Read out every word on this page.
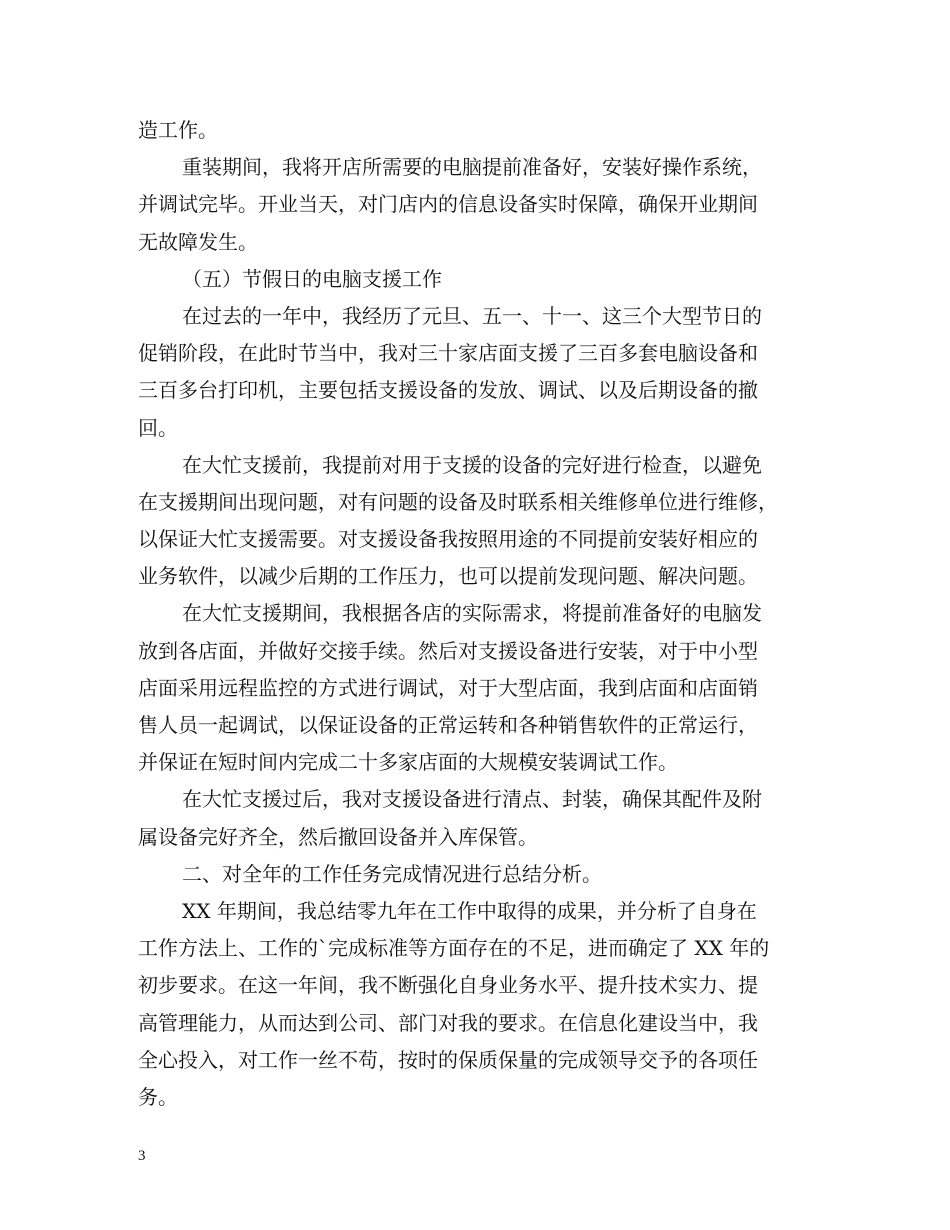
造工作。
重装期间，我将开店所需要的电脑提前准备好，安装好操作系统，
并调试完毕。开业当天，对门店内的信息设备实时保障，确保开业期间
无故障发生。
（五）节假日的电脑支援工作
在过去的一年中，我经历了元旦、五一、十一、这三个大型节日的
促销阶段，在此时节当中，我对三十家店面支援了三百多套电脑设备和
三百多台打印机，主要包括支援设备的发放、调试、以及后期设备的撤
回。
在大忙支援前，我提前对用于支援的设备的完好进行检查，以避免
在支援期间出现问题，对有问题的设备及时联系相关维修单位进行维修，
以保证大忙支援需要。对支援设备我按照用途的不同提前安装好相应的
业务软件，以减少后期的工作压力，也可以提前发现问题、解决问题。
在大忙支援期间，我根据各店的实际需求，将提前准备好的电脑发
放到各店面，并做好交接手续。然后对支援设备进行安装，对于中小型
店面采用远程监控的方式进行调试，对于大型店面，我到店面和店面销
售人员一起调试，以保证设备的正常运转和各种销售软件的正常运行，
并保证在短时间内完成二十多家店面的大规模安装调试工作。
在大忙支援过后，我对支援设备进行清点、封装，确保其配件及附
属设备完好齐全，然后撤回设备并入库保管。
二、对全年的工作任务完成情况进行总结分析。
XX 年期间，我总结零九年在工作中取得的成果，并分析了自身在
工作方法上、工作的`完成标准等方面存在的不足，进而确定了 XX 年的
初步要求。在这一年间，我不断强化自身业务水平、提升技术实力、提
高管理能力，从而达到公司、部门对我的要求。在信息化建设当中，我
全心投入，对工作一丝不苟，按时的保质保量的完成领导交予的各项任
务。
3
